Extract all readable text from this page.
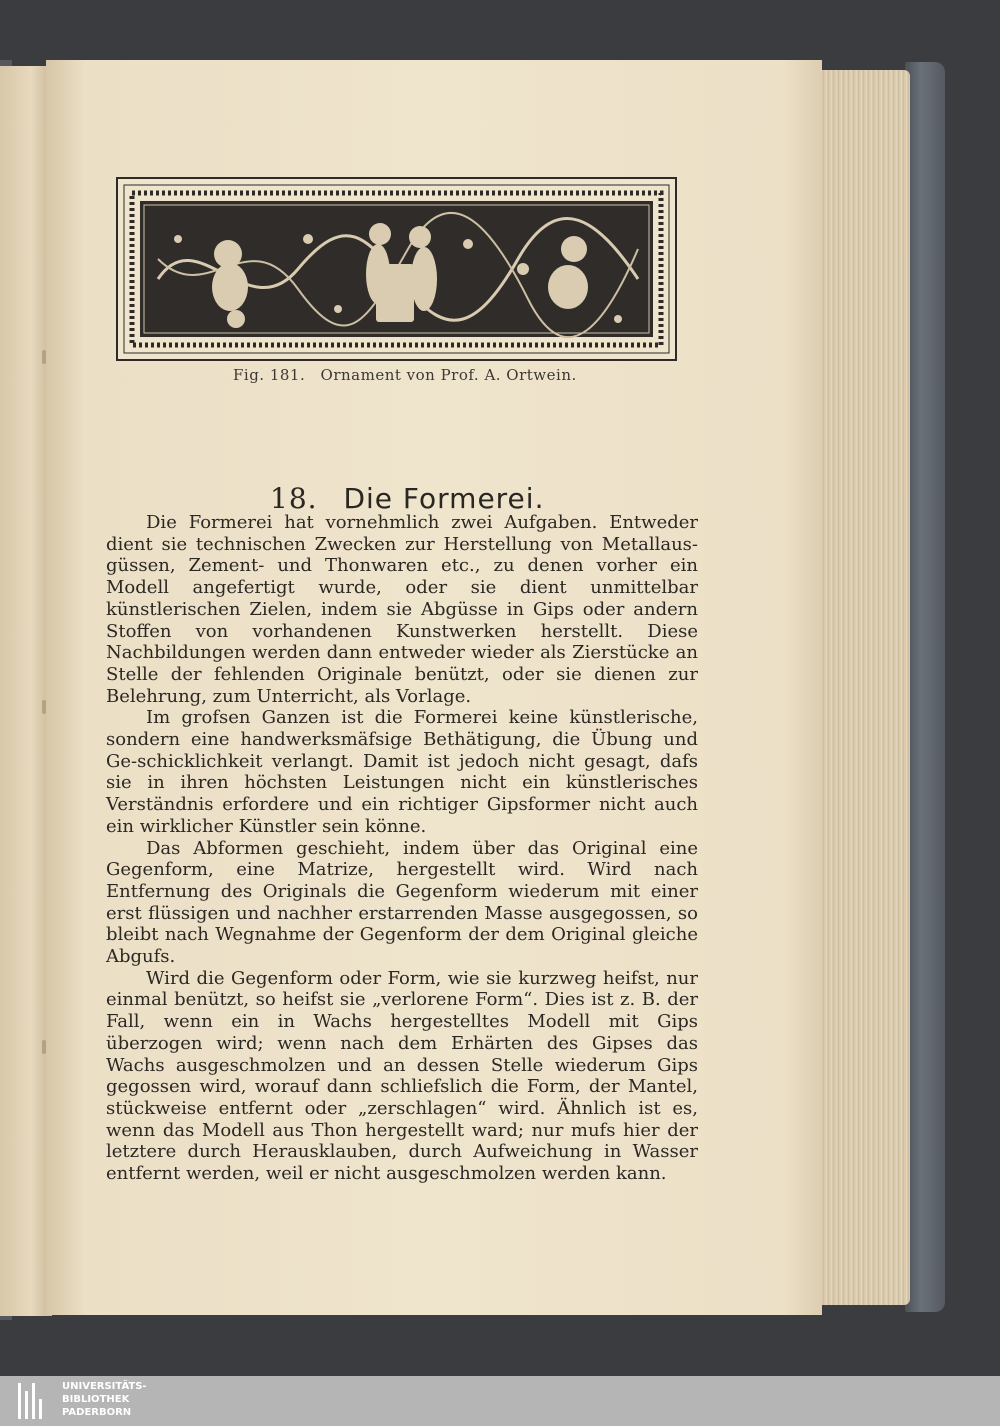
Fig. 181. Ornament von Prof. A. Ortwein.
18. Die Formerei.

Die Formerei hat vornehmlich zwei Aufgaben. Entweder dient sie technischen Zwecken zur Herstellung von Metallaus-güssen, Zement- und Thonwaren etc., zu denen vorher ein Modell angefertigt wurde, oder sie dient unmittelbar künstlerischen Zielen, indem sie Abgüsse in Gips oder andern Stoffen von vorhandenen Kunstwerken herstellt. Diese Nachbildungen werden dann entweder wieder als Zierstücke an Stelle der fehlenden Originale benützt, oder sie dienen zur Belehrung, zum Unterricht, als Vorlage.

Im grofsen Ganzen ist die Formerei keine künstlerische, sondern eine handwerksmäfsige Bethätigung, die Übung und Ge-schicklichkeit verlangt. Damit ist jedoch nicht gesagt, dafs sie in ihren höchsten Leistungen nicht ein künstlerisches Verständnis erfordere und ein richtiger Gipsformer nicht auch ein wirklicher Künstler sein könne.

Das Abformen geschieht, indem über das Original eine Gegenform, eine Matrize, hergestellt wird. Wird nach Entfernung des Originals die Gegenform wiederum mit einer erst flüssigen und nachher erstarrenden Masse ausgegossen, so bleibt nach Wegnahme der Gegenform der dem Original gleiche Abgufs.

Wird die Gegenform oder Form, wie sie kurzweg heifst, nur einmal benützt, so heifst sie „verlorene Form“. Dies ist z. B. der Fall, wenn ein in Wachs hergestelltes Modell mit Gips überzogen wird; wenn nach dem Erhärten des Gipses das Wachs ausgeschmolzen und an dessen Stelle wiederum Gips gegossen wird, worauf dann schliefslich die Form, der Mantel, stückweise entfernt oder „zerschlagen“ wird. Ähnlich ist es, wenn das Modell aus Thon hergestellt ward; nur mufs hier der letztere durch Herausklauben, durch Aufweichung in Wasser entfernt werden, weil er nicht ausgeschmolzen werden kann.

UNIVERSITÄTS-
BIBLIOTHEK
PADERBORN
